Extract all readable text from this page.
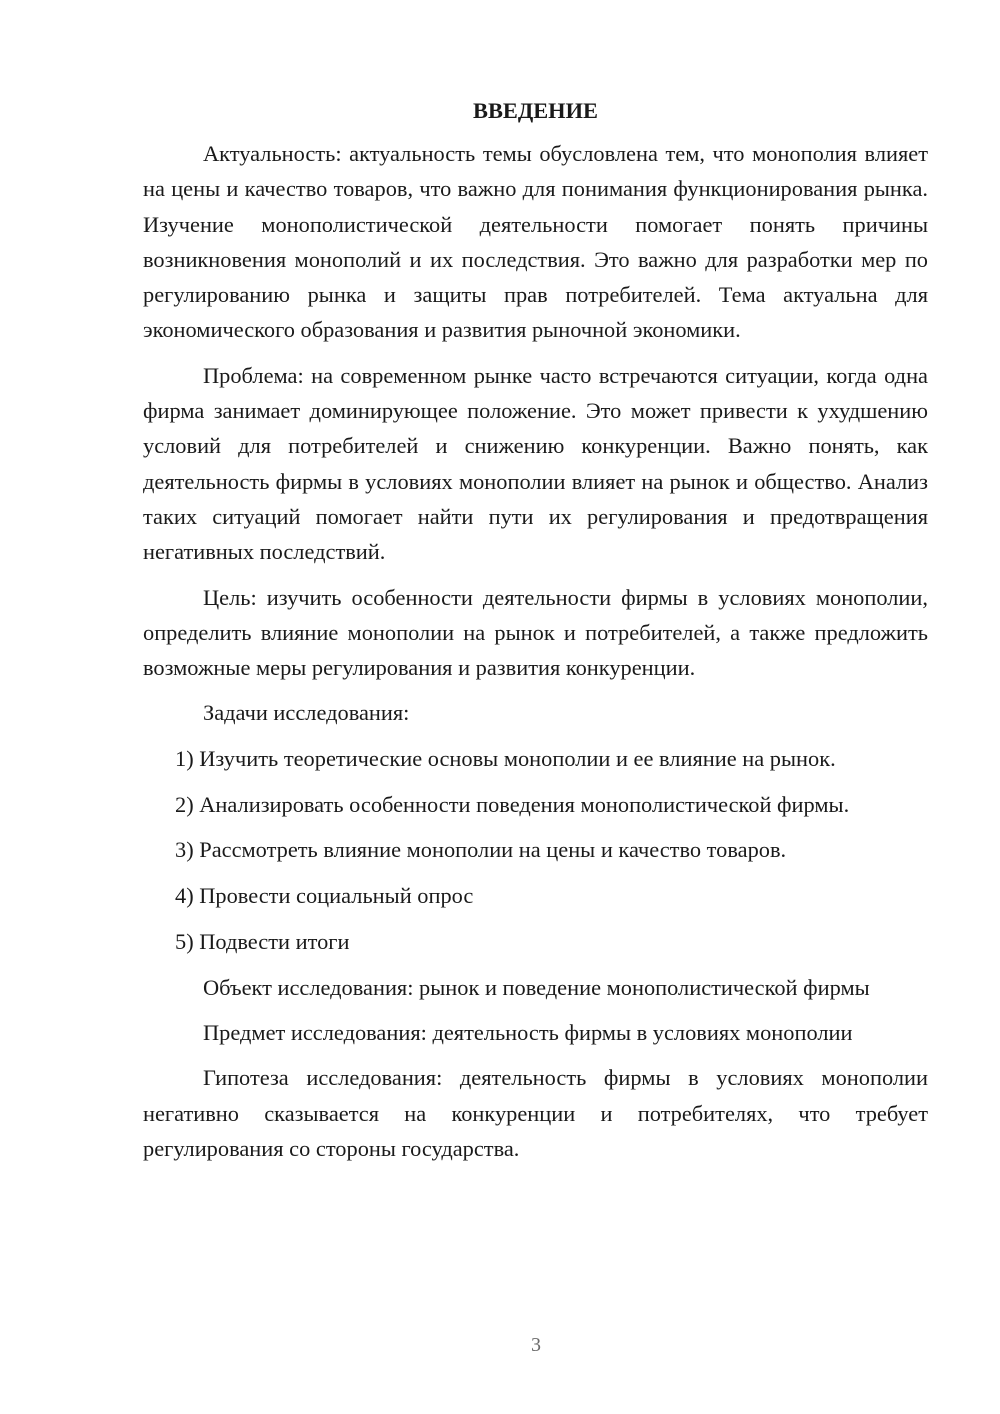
ВВЕДЕНИЕ

Актуальность: актуальность темы обусловлена тем, что монополия влияет на цены и качество товаров, что важно для понимания функционирования рынка. Изучение монополистической деятельности помогает понять причины возникновения монополий и их последствия. Это важно для разработки мер по регулированию рынка и защиты прав потребителей. Тема актуальна для экономического образования и развития рыночной экономики.

Проблема: на современном рынке часто встречаются ситуации, когда одна фирма занимает доминирующее положение. Это может привести к ухудшению условий для потребителей и снижению конкуренции. Важно понять, как деятельность фирмы в условиях монополии влияет на рынок и общество. Анализ таких ситуаций помогает найти пути их регулирования и предотвращения негативных последствий.

Цель: изучить особенности деятельности фирмы в условиях монополии, определить влияние монополии на рынок и потребителей, а также предложить возможные меры регулирования и развития конкуренции.

Задачи исследования:

1) Изучить теоретические основы монополии и ее влияние на рынок.
2) Анализировать особенности поведения монополистической фирмы.
3) Рассмотреть влияние монополии на цены и качество товаров.
4) Провести социальный опрос
5) Подвести итоги

Объект исследования: рынок и поведение монополистической фирмы

Предмет исследования: деятельность фирмы в условиях монополии

Гипотеза исследования: деятельность фирмы в условиях монополии негативно сказывается на конкуренции и потребителях, что требует регулирования со стороны государства.

3
